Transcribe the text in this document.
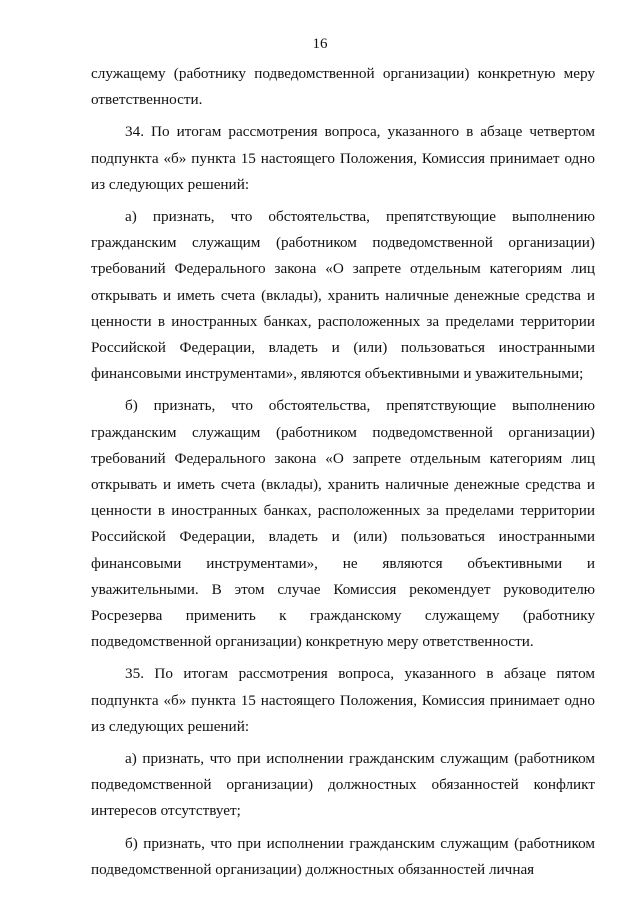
16

служащему (работнику подведомственной организации) конкретную меру ответственности.

34. По итогам рассмотрения вопроса, указанного в абзаце четвертом подпункта «б» пункта 15 настоящего Положения, Комиссия принимает одно из следующих решений:

а) признать, что обстоятельства, препятствующие выполнению гражданским служащим (работником подведомственной организации) требований Федерального закона «О запрете отдельным категориям лиц открывать и иметь счета (вклады), хранить наличные денежные средства и ценности в иностранных банках, расположенных за пределами территории Российской Федерации, владеть и (или) пользоваться иностранными финансовыми инструментами», являются объективными и уважительными;

б) признать, что обстоятельства, препятствующие выполнению гражданским служащим (работником подведомственной организации) требований Федерального закона «О запрете отдельным категориям лиц открывать и иметь счета (вклады), хранить наличные денежные средства и ценности в иностранных банках, расположенных за пределами территории Российской Федерации, владеть и (или) пользоваться иностранными финансовыми инструментами», не являются объективными и уважительными. В этом случае Комиссия рекомендует руководителю Росрезерва применить к гражданскому служащему (работнику подведомственной организации) конкретную меру ответственности.

35. По итогам рассмотрения вопроса, указанного в абзаце пятом подпункта «б» пункта 15 настоящего Положения, Комиссия принимает одно из следующих решений:

а) признать, что при исполнении гражданским служащим (работником подведомственной организации) должностных обязанностей конфликт интересов отсутствует;

б) признать, что при исполнении гражданским служащим (работником подведомственной организации) должностных обязанностей личная
